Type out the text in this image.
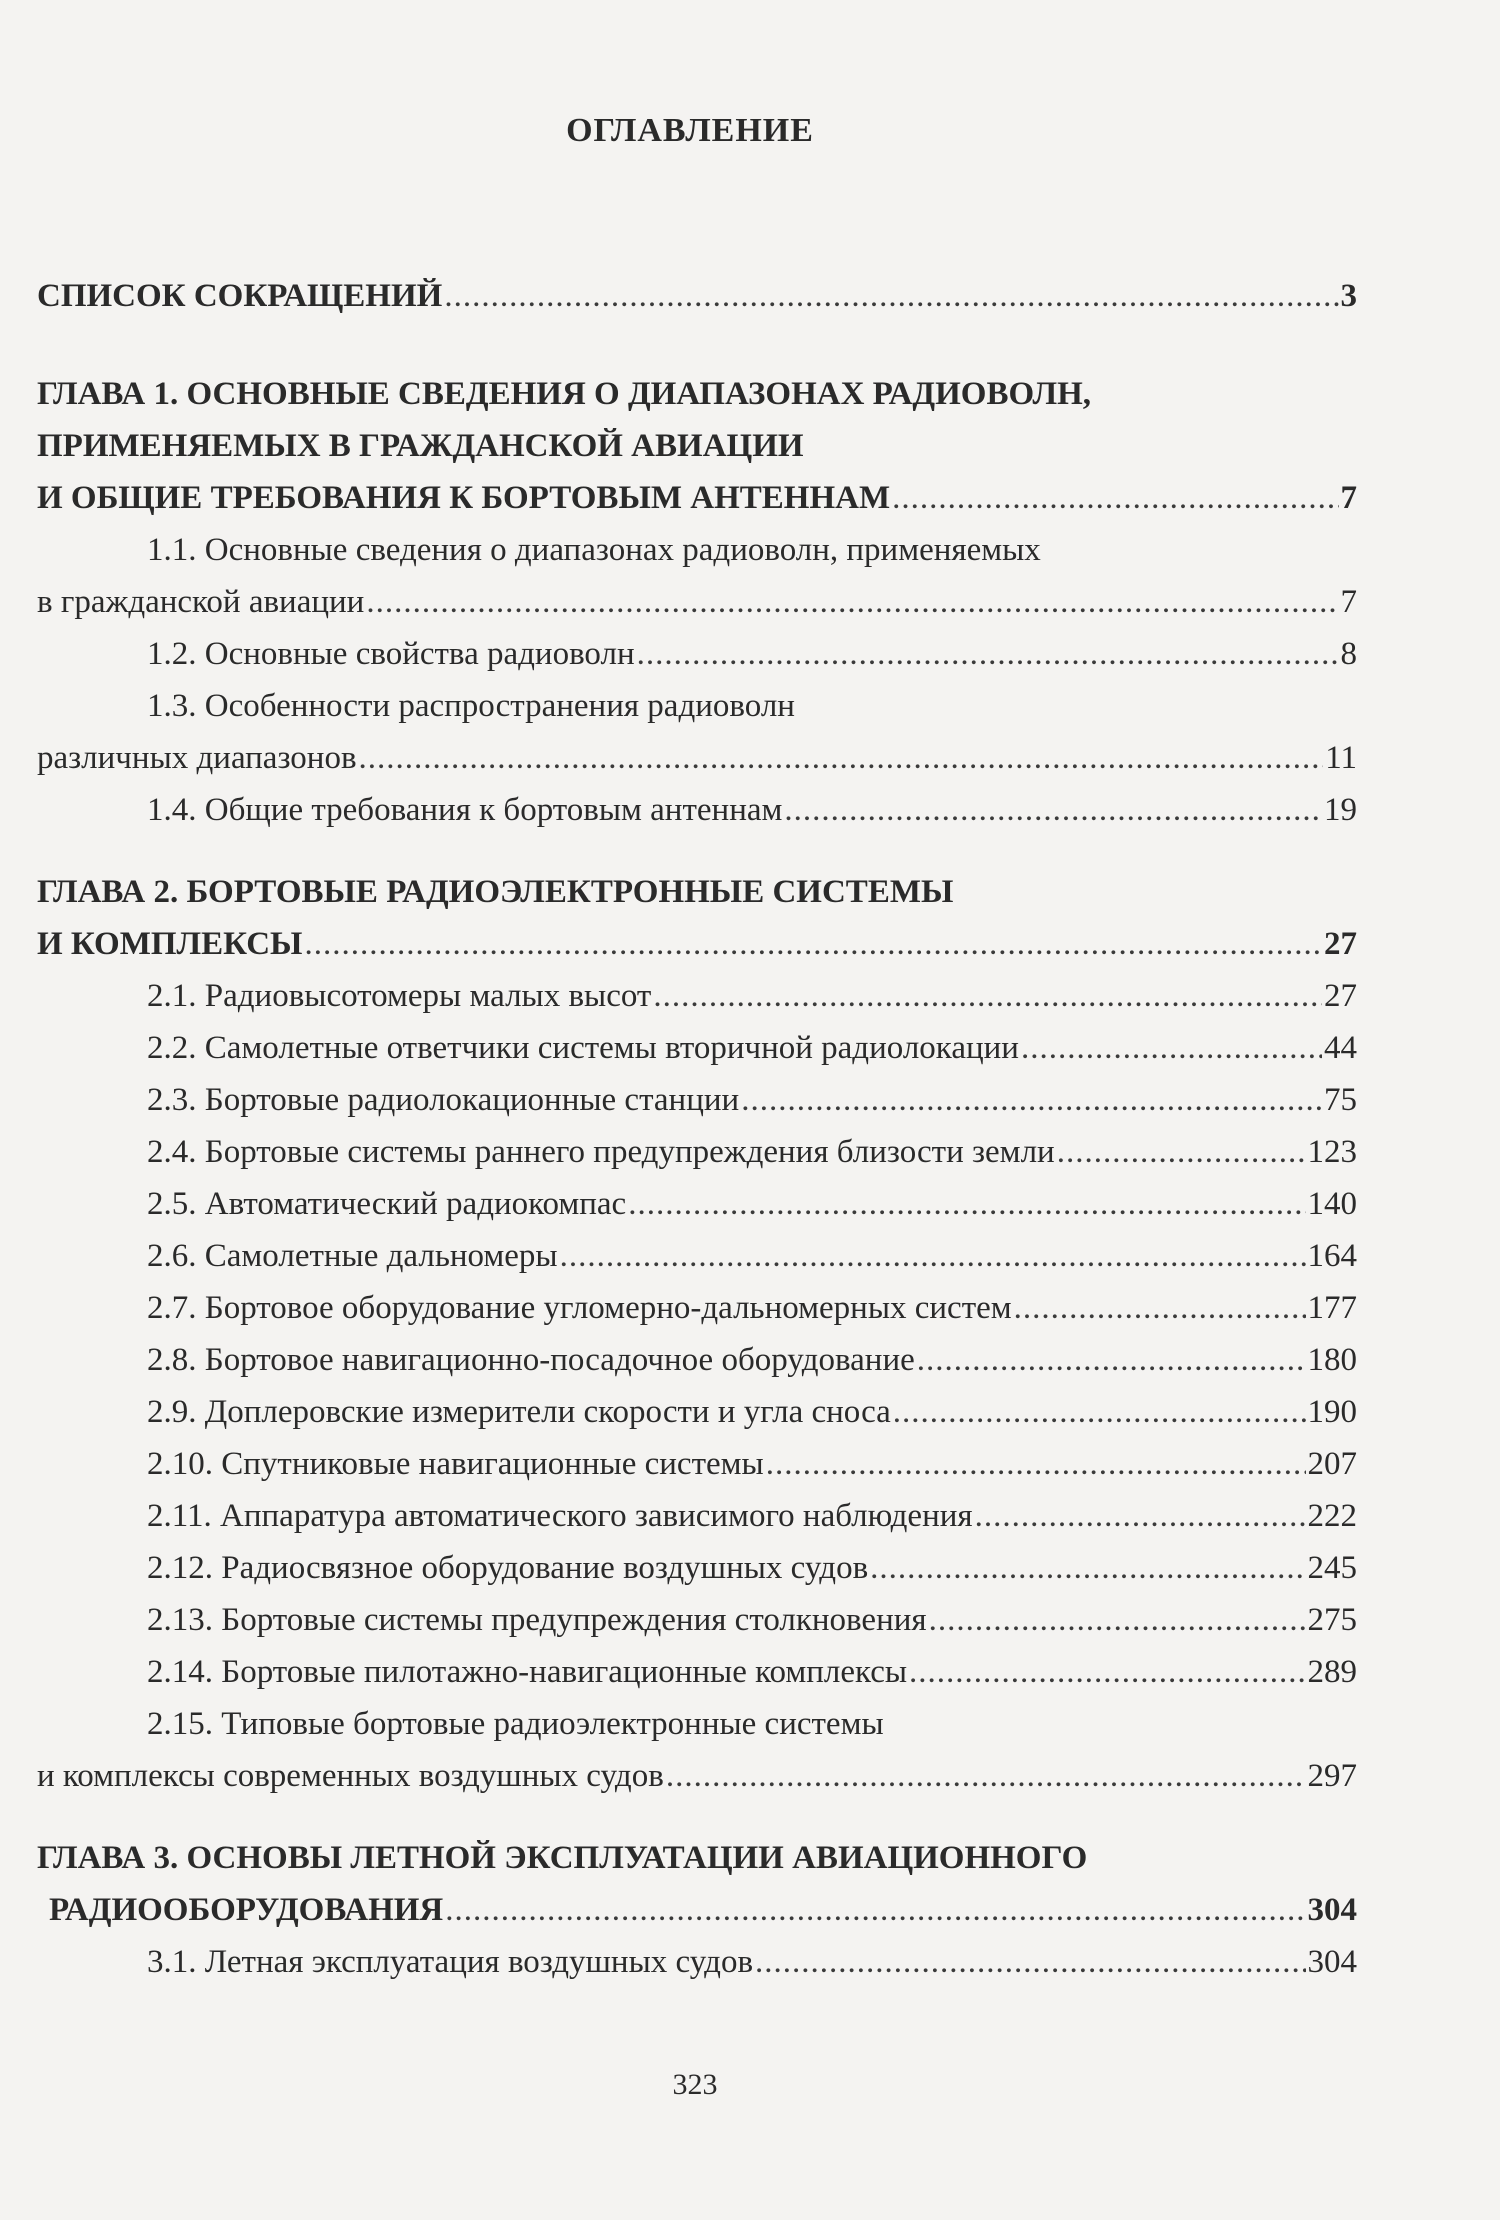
ОГЛАВЛЕНИЕ
СПИСОК СОКРАЩЕНИЙ .....	3
ГЛАВА 1. ОСНОВНЫЕ СВЕДЕНИЯ О ДИАПАЗОНАХ РАДИОВОЛН,
ПРИМЕНЯЕМЫХ В ГРАЖДАНСКОЙ АВИАЦИИ
И ОБЩИЕ ТРЕБОВАНИЯ К БОРТОВЫМ АНТЕННАМ .....	7
1.1. Основные сведения о диапазонах радиоволн, применяемых
в гражданской авиации .....	7
1.2. Основные свойства радиоволн .....	8
1.3. Особенности распространения радиоволн
различных диапазонов .....	11
1.4. Общие требования к бортовым антеннам .....	19
ГЛАВА 2. БОРТОВЫЕ РАДИОЭЛЕКТРОННЫЕ СИСТЕМЫ
И КОМПЛЕКСЫ .....	27
2.1. Радиовысотомеры малых высот .....	27
2.2. Самолетные ответчики системы вторичной радиолокации .....	44
2.3. Бортовые радиолокационные станции .....	75
2.4. Бортовые системы раннего предупреждения близости земли .....	123
2.5. Автоматический радиокомпас .....	140
2.6. Самолетные дальномеры .....	164
2.7. Бортовое оборудование угломерно-дальномерных систем .....	177
2.8. Бортовое навигационно-посадочное оборудование .....	180
2.9. Доплеровские измерители скорости и угла сноса .....	190
2.10. Спутниковые навигационные системы .....	207
2.11. Аппаратура автоматического зависимого наблюдения .....	222
2.12. Радиосвязное оборудование воздушных судов .....	245
2.13. Бортовые системы предупреждения столкновения .....	275
2.14. Бортовые пилотажно-навигационные комплексы .....	289
2.15. Типовые бортовые радиоэлектронные системы
и комплексы современных воздушных судов .....	297
ГЛАВА 3. ОСНОВЫ ЛЕТНОЙ ЭКСПЛУАТАЦИИ АВИАЦИОННОГО
РАДИООБОРУДОВАНИЯ .....	304
3.1. Летная эксплуатация воздушных судов .....	304
323
